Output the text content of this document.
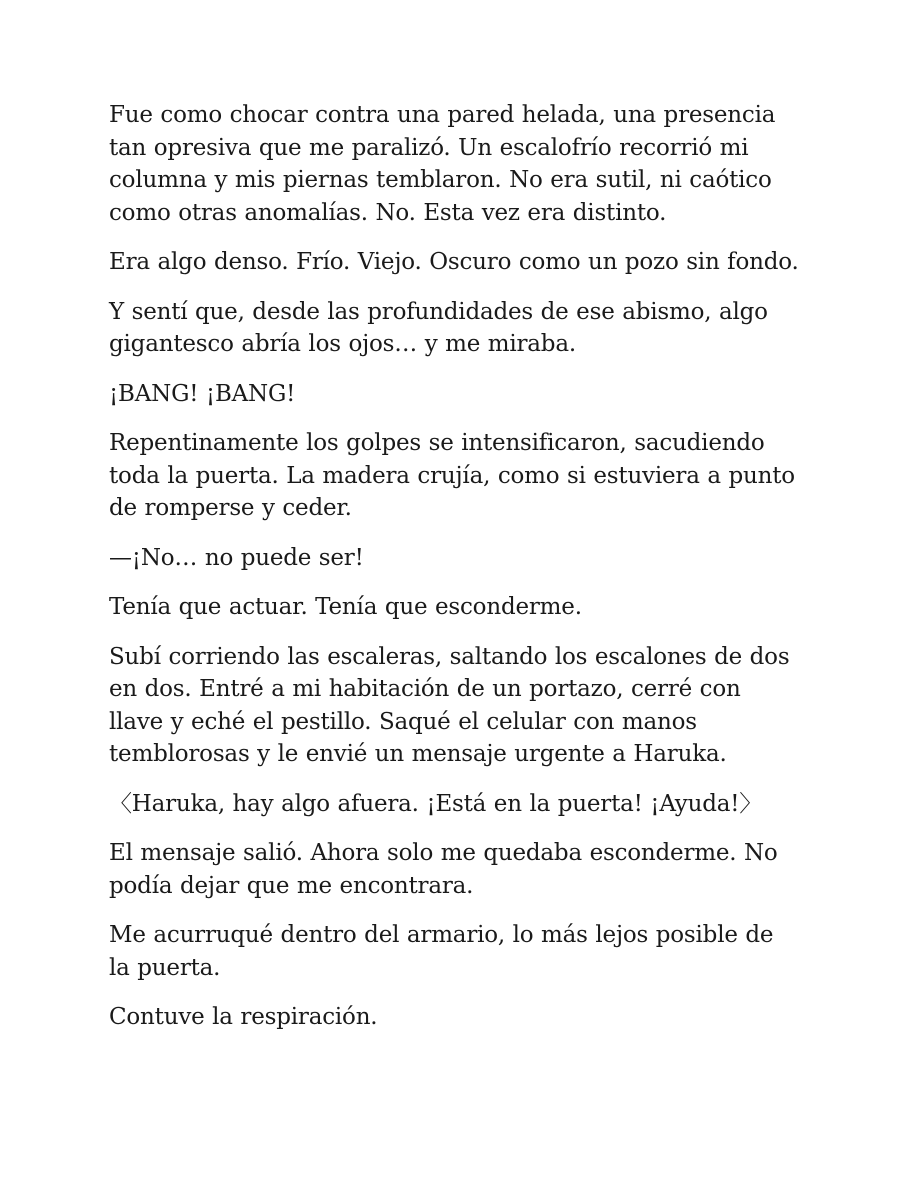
Fue como chocar contra una pared helada, una presencia tan opresiva que me paralizó. Un escalofrío recorrió mi columna y mis piernas temblaron. No era sutil, ni caótico como otras anomalías. No. Esta vez era distinto.

Era algo denso. Frío. Viejo. Oscuro como un pozo sin fondo.

Y sentí que, desde las profundidades de ese abismo, algo gigantesco abría los ojos… y me miraba.

¡BANG! ¡BANG!

Repentinamente los golpes se intensificaron, sacudiendo toda la puerta. La madera crujía, como si estuviera a punto de romperse y ceder.

—¡No… no puede ser!

Tenía que actuar. Tenía que esconderme.

Subí corriendo las escaleras, saltando los escalones de dos en dos. Entré a mi habitación de un portazo, cerré con llave y eché el pestillo. Saqué el celular con manos temblorosas y le envié un mensaje urgente a Haruka.

〈Haruka, hay algo afuera. ¡Está en la puerta! ¡Ayuda!〉

El mensaje salió. Ahora solo me quedaba esconderme. No podía dejar que me encontrara.

Me acurruqué dentro del armario, lo más lejos posible de la puerta.

Contuve la respiración.
